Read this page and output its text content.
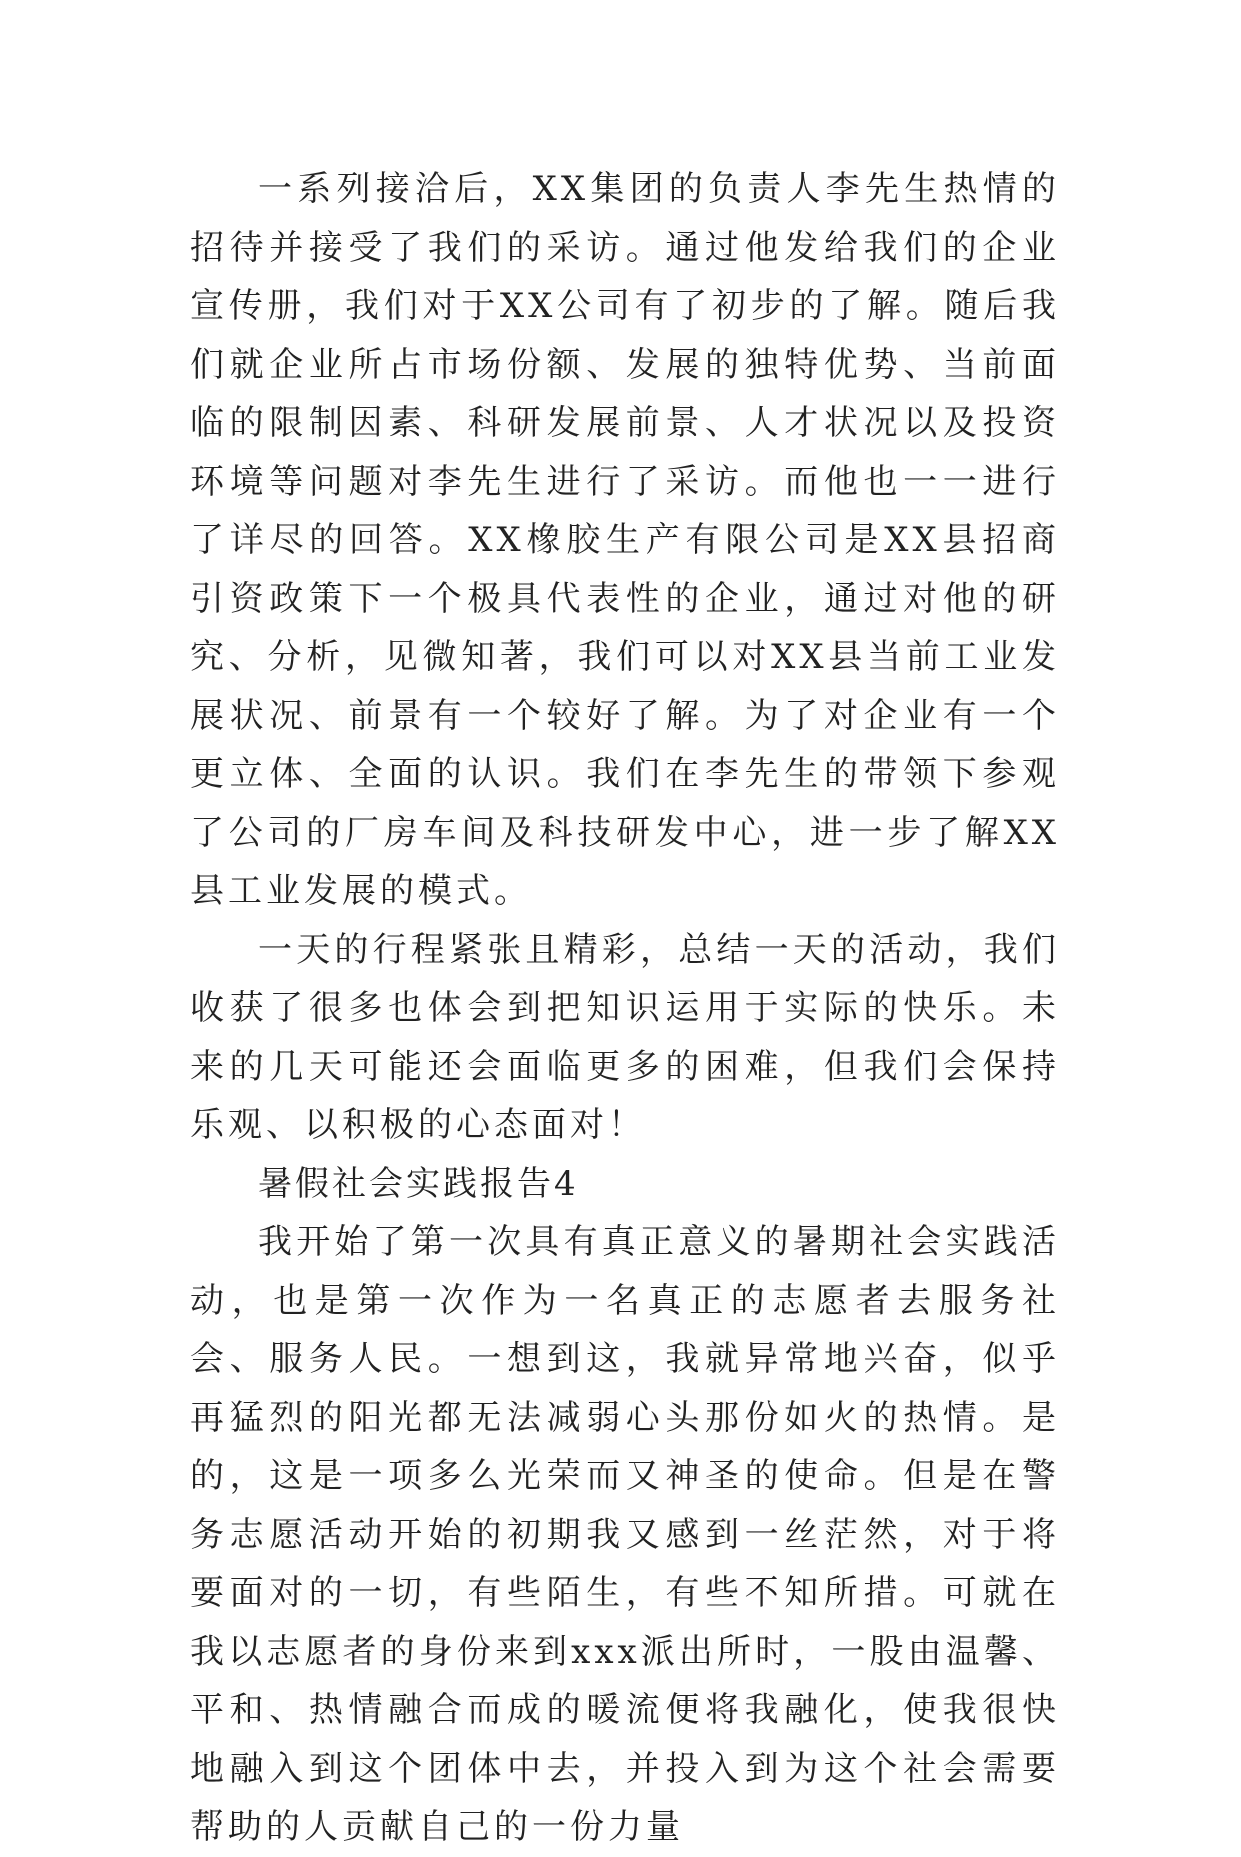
一系列接洽后，XX集团的负责人李先生热情的招待并接受了我们的采访。通过他发给我们的企业宣传册，我们对于XX公司有了初步的了解。随后我们就企业所占市场份额、发展的独特优势、当前面临的限制因素、科研发展前景、人才状况以及投资环境等问题对李先生进行了采访。而他也一一进行了详尽的回答。XX橡胶生产有限公司是XX县招商引资政策下一个极具代表性的企业，通过对他的研究、分析，见微知著，我们可以对XX县当前工业发展状况、前景有一个较好了解。为了对企业有一个更立体、全面的认识。我们在李先生的带领下参观了公司的厂房车间及科技研发中心，进一步了解XX县工业发展的模式。

一天的行程紧张且精彩，总结一天的活动，我们收获了很多也体会到把知识运用于实际的快乐。未来的几天可能还会面临更多的困难，但我们会保持乐观、以积极的心态面对！

暑假社会实践报告4

我开始了第一次具有真正意义的暑期社会实践活动，也是第一次作为一名真正的志愿者去服务社会、服务人民。一想到这，我就异常地兴奋，似乎再猛烈的阳光都无法减弱心头那份如火的热情。是的，这是一项多么光荣而又神圣的使命。但是在警务志愿活动开始的初期我又感到一丝茫然，对于将要面对的一切，有些陌生，有些不知所措。可就在我以志愿者的身份来到xxx派出所时，一股由温馨、平和、热情融合而成的暖流便将我融化，使我很快地融入到这个团体中去，并投入到为这个社会需要帮助的人贡献自己的一份力量
